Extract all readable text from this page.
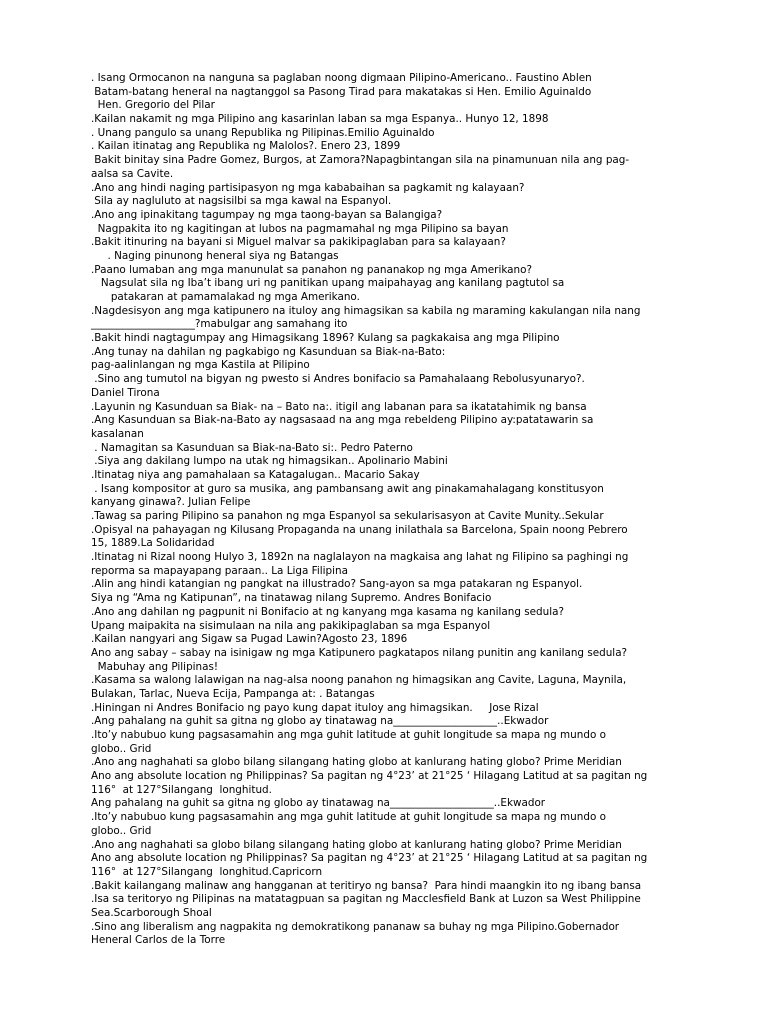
. Isang Ormocanon na nanguna sa paglaban noong digmaan Pilipino-Americano.. Faustino Ablen
Batam-batang heneral na nagtanggol sa Pasong Tirad para makatakas si Hen. Emilio Aguinaldo
Hen. Gregorio del Pilar
.Kailan nakamit ng mga Pilipino ang kasarinlan laban sa mga Espanya.. Hunyo 12, 1898
. Unang pangulo sa unang Republika ng Pilipinas.Emilio Aguinaldo
. Kailan itinatag ang Republika ng Malolos?. Enero 23, 1899
Bakit binitay sina Padre Gomez, Burgos, at Zamora?Napagbintangan sila na pinamunuan nila ang pag-
aalsa sa Cavite.
.Ano ang hindi naging partisipasyon ng mga kababaihan sa pagkamit ng kalayaan?
Sila ay nagluluto at nagsisilbi sa mga kawal na Espanyol.
.Ano ang ipinakitang tagumpay ng mga taong-bayan sa Balangiga?
Nagpakita ito ng kagitingan at lubos na pagmamahal ng mga Pilipino sa bayan
.Bakit itinuring na bayani si Miguel malvar sa pakikipaglaban para sa kalayaan?
. Naging pinunong heneral siya ng Batangas
.Paano lumaban ang mga manunulat sa panahon ng pananakop ng mga Amerikano?
Nagsulat sila ng Iba’t ibang uri ng panitikan upang maipahayag ang kanilang pagtutol sa
patakaran at pamamalakad ng mga Amerikano.
.Nagdesisyon ang mga katipunero na ituloy ang himagsikan sa kabila ng maraming kakulangan nila nang
____________________?mabulgar ang samahang ito
.Bakit hindi nagtagumpay ang Himagsikang 1896? Kulang sa pagkakaisa ang mga Pilipino
.Ang tunay na dahilan ng pagkabigo ng Kasunduan sa Biak-na-Bato:
pag-aalinlangan ng mga Kastila at Pilipino
.Sino ang tumutol na bigyan ng pwesto si Andres bonifacio sa Pamahalaang Rebolusyunaryo?.
Daniel Tirona
.Layunin ng Kasunduan sa Biak- na – Bato na:. itigil ang labanan para sa ikatatahimik ng bansa
.Ang Kasunduan sa Biak-na-Bato ay nagsasaad na ang mga rebeldeng Pilipino ay:patatawarin sa
kasalanan
. Namagitan sa Kasunduan sa Biak-na-Bato si:. Pedro Paterno
.Siya ang dakilang lumpo na utak ng himagsikan.. Apolinario Mabini
.Itinatag niya ang pamahalaan sa Katagalugan.. Macario Sakay
. Isang kompositor at guro sa musika, ang pambansang awit ang pinakamahalagang konstitusyon
kanyang ginawa?. Julian Felipe
.Tawag sa paring Pilipino sa panahon ng mga Espanyol sa sekularisasyon at Cavite Munity..Sekular
.Opisyal na pahayagan ng Kilusang Propaganda na unang inilathala sa Barcelona, Spain noong Pebrero
15, 1889.La Solidaridad
.Itinatag ni Rizal noong Hulyo 3, 1892n na naglalayon na magkaisa ang lahat ng Filipino sa paghingi ng
reporma sa mapayapang paraan.. La Liga Filipina
.Alin ang hindi katangian ng pangkat na illustrado? Sang-ayon sa mga patakaran ng Espanyol.
Siya ng “Ama ng Katipunan”, na tinatawag nilang Supremo. Andres Bonifacio
.Ano ang dahilan ng pagpunit ni Bonifacio at ng kanyang mga kasama ng kanilang sedula?
Upang maipakita na sisimulaan na nila ang pakikipaglaban sa mga Espanyol
.Kailan nangyari ang Sigaw sa Pugad Lawin?Agosto 23, 1896
Ano ang sabay – sabay na isinigaw ng mga Katipunero pagkatapos nilang punitin ang kanilang sedula?
Mabuhay ang Pilipinas!
.Kasama sa walong lalawigan na nag-alsa noong panahon ng himagsikan ang Cavite, Laguna, Maynila,
Bulakan, Tarlac, Nueva Ecija, Pampanga at: . Batangas
.Hiningan ni Andres Bonifacio ng payo kung dapat ituloy ang himagsikan.     Jose Rizal
.Ang pahalang na guhit sa gitna ng globo ay tinatawag na____________________..Ekwador
.Ito’y nabubuo kung pagsasamahin ang mga guhit latitude at guhit longitude sa mapa ng mundo o
globo.. Grid
.Ano ang naghahati sa globo bilang silangang hating globo at kanlurang hating globo? Prime Meridian
Ano ang absolute location ng Philippinas? Sa pagitan ng 4°23’ at 21°25 ‘ Hilagang Latitud at sa pagitan ng
116°  at 127°Silangang  longhitud.
Ang pahalang na guhit sa gitna ng globo ay tinatawag na____________________..Ekwador
.Ito’y nabubuo kung pagsasamahin ang mga guhit latitude at guhit longitude sa mapa ng mundo o
globo.. Grid
.Ano ang naghahati sa globo bilang silangang hating globo at kanlurang hating globo? Prime Meridian
Ano ang absolute location ng Philippinas? Sa pagitan ng 4°23’ at 21°25 ‘ Hilagang Latitud at sa pagitan ng
116°  at 127°Silangang  longhitud.Capricorn
.Bakit kailangang malinaw ang hangganan at teritiryo ng bansa?  Para hindi maangkin ito ng ibang bansa
.Isa sa teritoryo ng Pilipinas na matatagpuan sa pagitan ng Macclesfield Bank at Luzon sa West Philippine
Sea.Scarborough Shoal
.Sino ang liberalism ang nagpakita ng demokratikong pananaw sa buhay ng mga Pilipino.Gobernador
Heneral Carlos de la Torre
